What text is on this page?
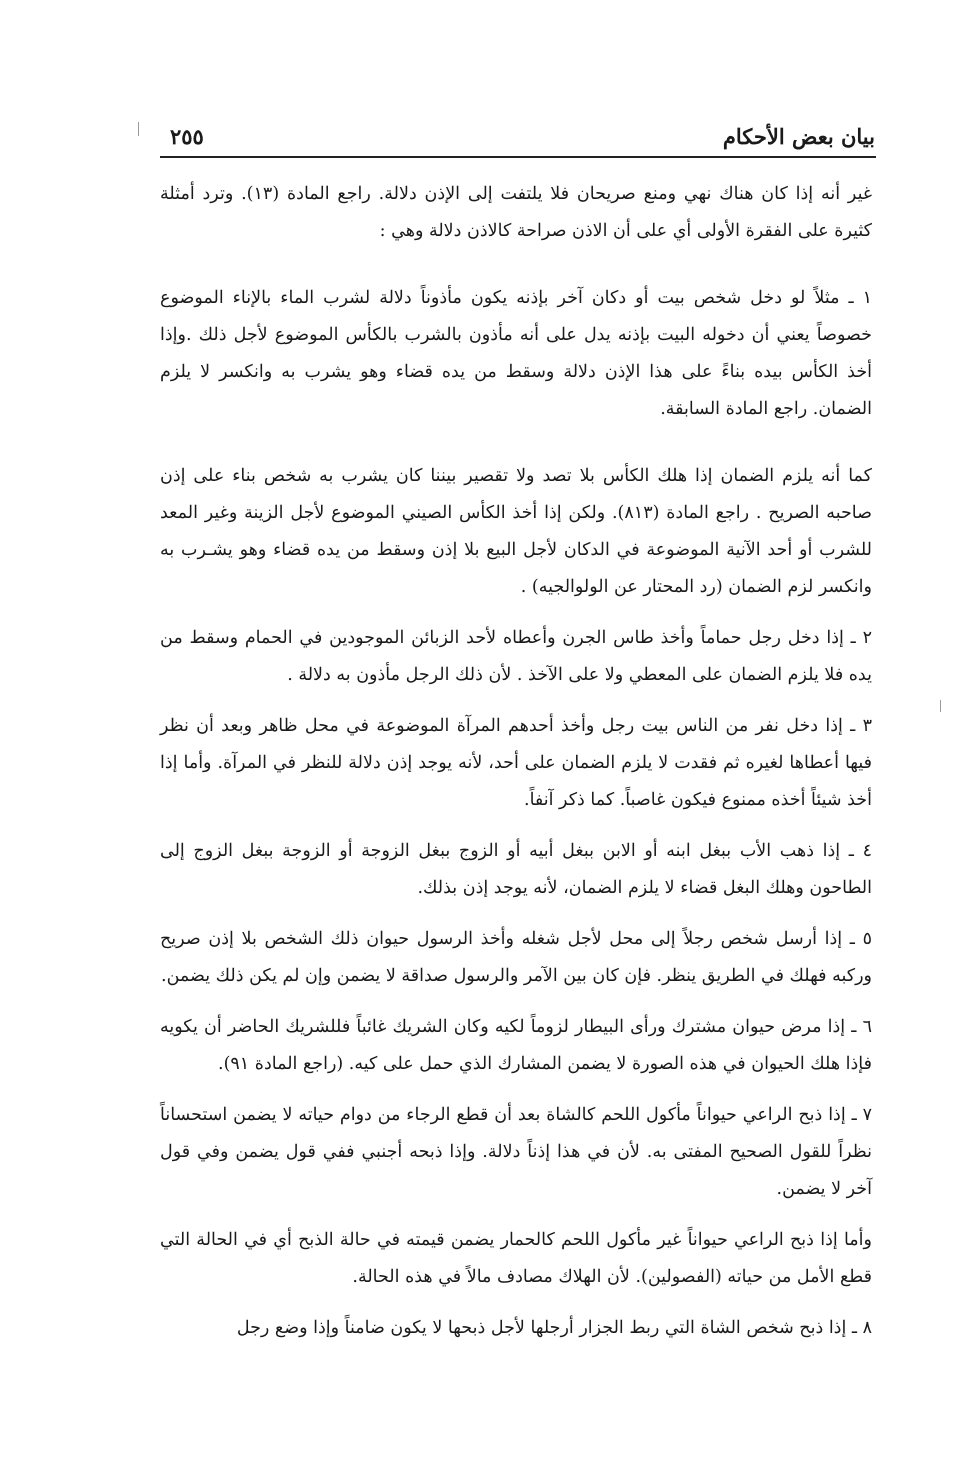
بيان بعض الأحكام
٢٥٥

غير أنه إذا كان هناك نهي ومنع صريحان فلا يلتفت إلى الإذن دلالة. راجع المادة (١٣). وترد أمثلة كثيرة على الفقرة الأولى أي على أن الاذن صراحة كالاذن دلالة وهي :

١ ـ مثلاً لو دخل شخص بيت أو دكان آخر بإذنه يكون مأذوناً دلالة لشرب الماء بالإناء الموضوع خصوصاً يعني أن دخوله البيت بإذنه يدل على أنه مأذون بالشرب بالكأس الموضوع لأجل ذلك .وإذا أخذ الكأس بيده بناءً على هذا الإذن دلالة وسقط من يده قضاء وهو يشرب به وانكسر لا يلزم الضمان. راجع المادة السابقة.

كما أنه يلزم الضمان إذا هلك الكأس بلا تصد ولا تقصير بيننا كان يشرب به شخص بناء على إذن صاحبه الصريح . راجع المادة (٨١٣). ولكن إذا أخذ الكأس الصيني الموضوع لأجل الزينة وغير المعد للشرب أو أحد الآنية الموضوعة في الدكان لأجل البيع بلا إذن وسقط من يده قضاء وهو يشـرب به وانكسر لزم الضمان (رد المحتار عن الولوالجيه) .

٢ ـ إذا دخل رجل حماماً وأخذ طاس الجرن وأعطاه لأحد الزبائن الموجودين في الحمام وسقط من يده فلا يلزم الضمان على المعطي ولا على الآخذ . لأن ذلك الرجل مأذون به دلالة .

٣ ـ إذا دخل نفر من الناس بيت رجل وأخذ أحدهم المرآة الموضوعة في محل ظاهر وبعد أن نظر فيها أعطاها لغيره ثم فقدت لا يلزم الضمان على أحد، لأنه يوجد إذن دلالة للنظر في المرآة. وأما إذا أخذ شيئاً أخذه ممنوع فيكون غاصباً. كما ذكر آنفاً.

٤ ـ إذا ذهب الأب ببغل ابنه أو الابن ببغل أبيه أو الزوج ببغل الزوجة أو الزوجة ببغل الزوج إلى الطاحون وهلك البغل قضاء لا يلزم الضمان، لأنه يوجد إذن بذلك.

٥ ـ إذا أرسل شخص رجلاً إلى محل لأجل شغله وأخذ الرسول حيوان ذلك الشخص بلا إذن صريح وركبه فهلك في الطريق ينظر. فإن كان بين الآمر والرسول صداقة لا يضمن وإن لم يكن ذلك يضمن.

٦ ـ إذا مرض حيوان مشترك ورأى البيطار لزوماً لكيه وكان الشريك غائباً فللشريك الحاضر أن يكويه فإذا هلك الحيوان في هذه الصورة لا يضمن المشارك الذي حمل على كيه. (راجع المادة ٩١).

٧ ـ إذا ذبح الراعي حيواناً مأكول اللحم كالشاة بعد أن قطع الرجاء من دوام حياته لا يضمن استحساناً نظراً للقول الصحيح المفتى به. لأن في هذا إذناً دلالة. وإذا ذبحه أجنبي ففي قول يضمن وفي قول آخر لا يضمن.

وأما إذا ذبح الراعي حيواناً غير مأكول اللحم كالحمار يضمن قيمته في حالة الذبح أي في الحالة التي قطع الأمل من حياته (الفصولين). لأن الهلاك مصادف مالاً في هذه الحالة.

٨ ـ إذا ذبح شخص الشاة التي ربط الجزار أرجلها لأجل ذبحها لا يكون ضامناً وإذا وضع رجل
